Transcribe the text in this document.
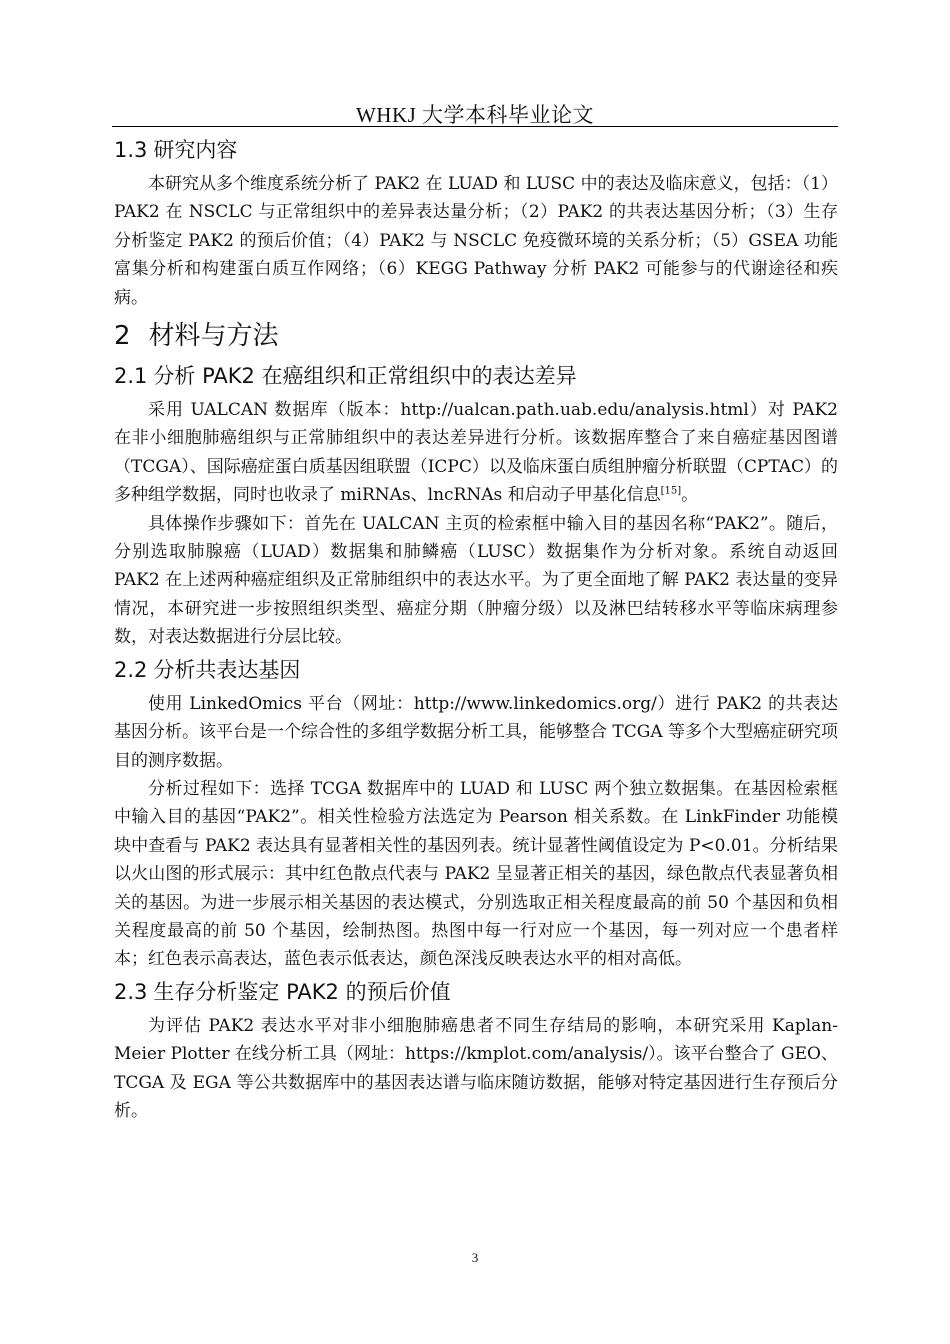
WHKJ 大学本科毕业论文
1.3 研究内容

本研究从多个维度系统分析了 PAK2 在 LUAD 和 LUSC 中的表达及临床意义，包括：（1）PAK2 在 NSCLC 与正常组织中的差异表达量分析；（2）PAK2 的共表达基因分析；（3）生存分析鉴定 PAK2 的预后价值；（4）PAK2 与 NSCLC 免疫微环境的关系分析；（5）GSEA 功能富集分析和构建蛋白质互作网络；（6）KEGG Pathway 分析 PAK2 可能参与的代谢途径和疾病。

2 材料与方法
2.1 分析 PAK2 在癌组织和正常组织中的表达差异

采用 UALCAN 数据库（版本：http://ualcan.path.uab.edu/analysis.html）对 PAK2 在非小细胞肺癌组织与正常肺组织中的表达差异进行分析。该数据库整合了来自癌症基因图谱（TCGA）、国际癌症蛋白质基因组联盟（ICPC）以及临床蛋白质组肿瘤分析联盟（CPTAC）的多种组学数据，同时也收录了 miRNAs、lncRNAs 和启动子甲基化信息[15]。

具体操作步骤如下：首先在 UALCAN 主页的检索框中输入目的基因名称“PAK2”。随后，分别选取肺腺癌（LUAD）数据集和肺鳞癌（LUSC）数据集作为分析对象。系统自动返回 PAK2 在上述两种癌症组织及正常肺组织中的表达水平。为了更全面地了解 PAK2 表达量的变异情况，本研究进一步按照组织类型、癌症分期（肿瘤分级）以及淋巴结转移水平等临床病理参数，对表达数据进行分层比较。

2.2 分析共表达基因

使用 LinkedOmics 平台（网址：http://www.linkedomics.org/）进行 PAK2 的共表达基因分析。该平台是一个综合性的多组学数据分析工具，能够整合 TCGA 等多个大型癌症研究项目的测序数据。

分析过程如下：选择 TCGA 数据库中的 LUAD 和 LUSC 两个独立数据集。在基因检索框中输入目的基因“PAK2”。相关性检验方法选定为 Pearson 相关系数。在 LinkFinder 功能模块中查看与 PAK2 表达具有显著相关性的基因列表。统计显著性阈值设定为 P<0.01。分析结果以火山图的形式展示：其中红色散点代表与 PAK2 呈显著正相关的基因，绿色散点代表显著负相关的基因。为进一步展示相关基因的表达模式，分别选取正相关程度最高的前 50 个基因和负相关程度最高的前 50 个基因，绘制热图。热图中每一行对应一个基因，每一列对应一个患者样本；红色表示高表达，蓝色表示低表达，颜色深浅反映表达水平的相对高低。

2.3 生存分析鉴定 PAK2 的预后价值

为评估 PAK2 表达水平对非小细胞肺癌患者不同生存结局的影响，本研究采用 Kaplan-Meier Plotter 在线分析工具（网址：https://kmplot.com/analysis/）。该平台整合了 GEO、TCGA 及 EGA 等公共数据库中的基因表达谱与临床随访数据，能够对特定基因进行生存预后分析。

3
